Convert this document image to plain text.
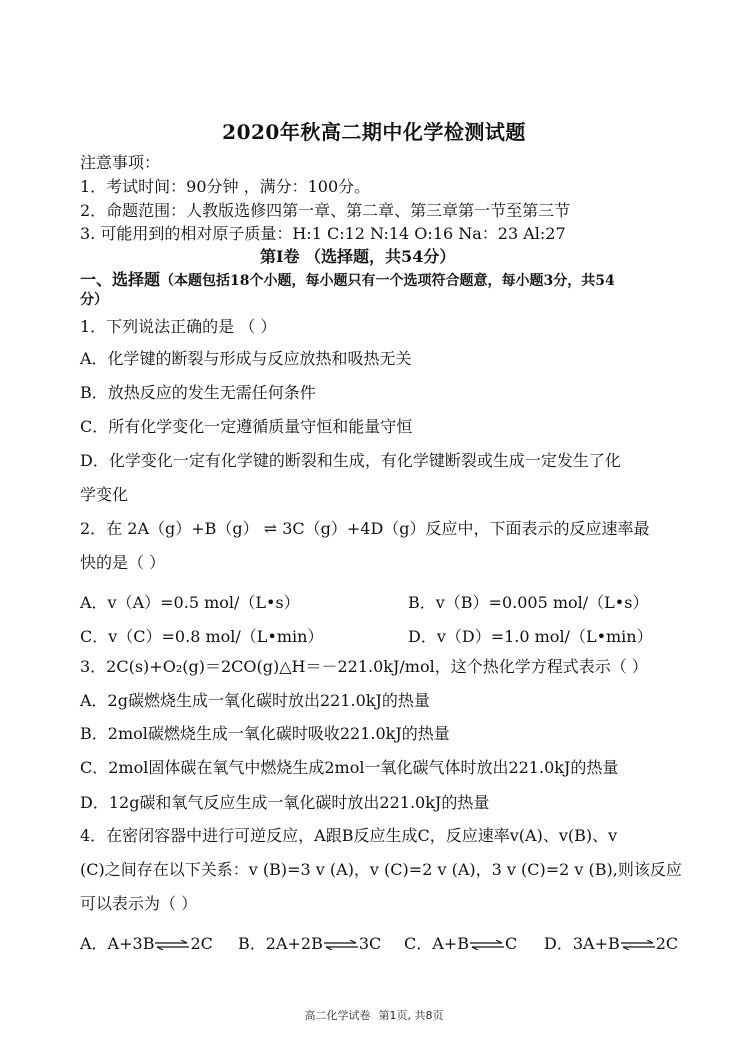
2020年秋高二期中化学检测试题
注意事项：
1．考试时间：90分钟 ，满分：100分。
2．命题范围：人教版选修四第一章、第二章、第三章第一节至第三节
3. 可能用到的相对原子质量：H:1 C:12 N:14 O:16 Na：23 Al:27
第Ⅰ卷 （选择题，共54分）
一、选择题（本题包括18个小题，每小题只有一个选项符合题意，每小题3分，共54
分）
1．下列说法正确的是 （ ）
A．化学键的断裂与形成与反应放热和吸热无关
B．放热反应的发生无需任何条件
C．所有化学变化一定遵循质量守恒和能量守恒
D．化学变化一定有化学键的断裂和生成，有化学键断裂或生成一定发生了化
学变化
2．在 2A（g）+B（g） ⇌ 3C（g）+4D（g）反应中，下面表示的反应速率最
快的是（ ）
A．v（A）=0.5 mol/（L•s）	B．v（B）=0.005 mol/（L•s）
C．v（C）=0.8 mol/（L•min）	D．v（D）=1.0 mol/（L•min）
3．2C(s)+O₂(g)＝2CO(g)△H＝－221.0kJ/mol，这个热化学方程式表示（ ）
A．2g碳燃烧生成一氧化碳时放出221.0kJ的热量
B．2mol碳燃烧生成一氧化碳时吸收221.0kJ的热量
C．2mol固体碳在氧气中燃烧生成2mol一氧化碳气体时放出221.0kJ的热量
D．12g碳和氧气反应生成一氧化碳时放出221.0kJ的热量
4．在密闭容器中进行可逆反应，A跟B反应生成C，反应速率v(A)、v(B)、v
(C)之间存在以下关系：v (B)=3 v (A)，v (C)=2 v (A)，3 v (C)=2 v (B),则该反应
可以表示为（ ）
A．A+3B⇌2C B．2A+2B⇌3C C．A+B⇌C D．3A+B⇌2C
高二化学试卷 第1页, 共8页
